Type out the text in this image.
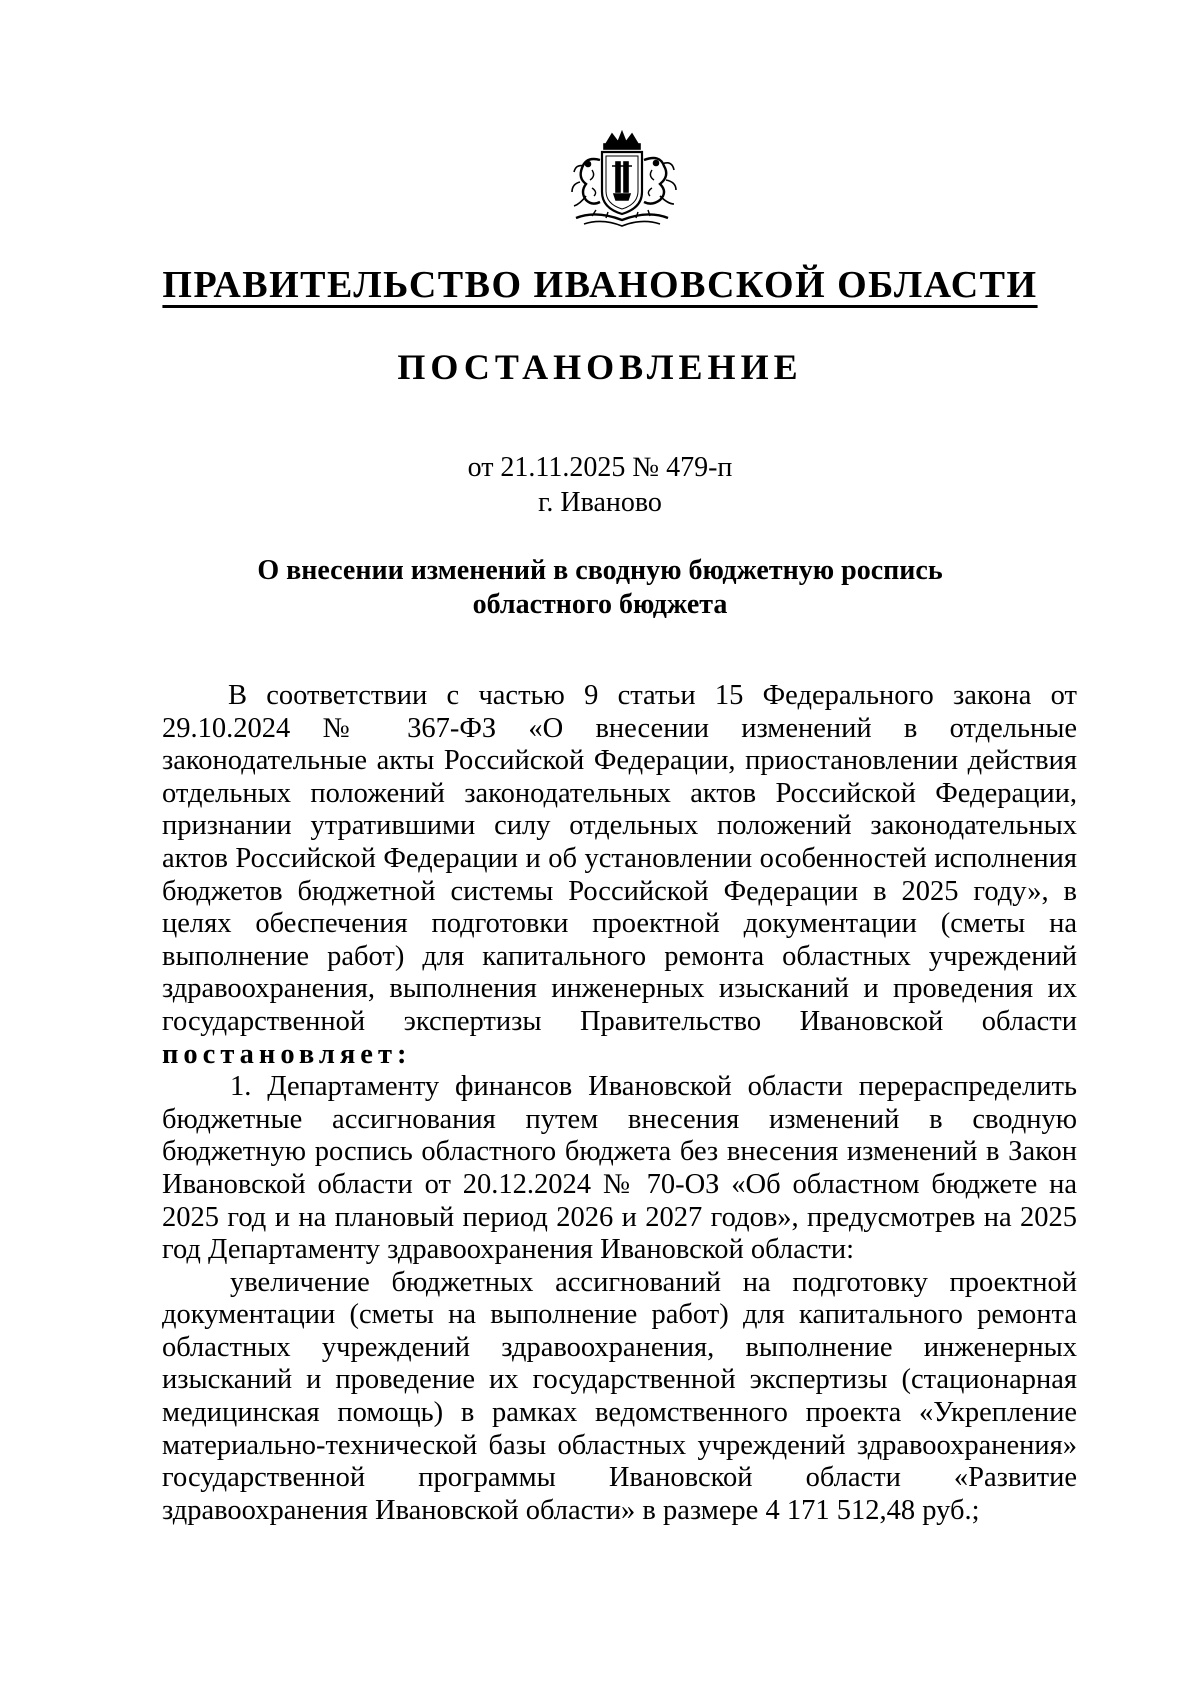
ПРАВИТЕЛЬСТВО ИВАНОВСКОЙ ОБЛАСТИ
ПОСТАНОВЛЕНИЕ
от 21.11.2025 № 479-п
г. Иваново
О внесении изменений в сводную бюджетную роспись
областного бюджета

В соответствии с частью 9 статьи 15 Федерального закона от 29.10.2024 № 367-ФЗ «О внесении изменений в отдельные законодательные акты Российской Федерации, приостановлении действия отдельных положений законодательных актов Российской Федерации, признании утратившими силу отдельных положений законодательных актов Российской Федерации и об установлении особенностей исполнения бюджетов бюджетной системы Российской Федерации в 2025 году», в целях обеспечения подготовки проектной документации (сметы на выполнение работ) для капитального ремонта областных учреждений здравоохранения, выполнения инженерных изысканий и проведения их государственной экспертизы Правительство Ивановской области постановляет:

1. Департаменту финансов Ивановской области перераспределить бюджетные ассигнования путем внесения изменений в сводную бюджетную роспись областного бюджета без внесения изменений в Закон Ивановской области от 20.12.2024 № 70-ОЗ «Об областном бюджете на 2025 год и на плановый период 2026 и 2027 годов», предусмотрев на 2025 год Департаменту здравоохранения Ивановской области:

увеличение бюджетных ассигнований на подготовку проектной документации (сметы на выполнение работ) для капитального ремонта областных учреждений здравоохранения, выполнение инженерных изысканий и проведение их государственной экспертизы (стационарная медицинская помощь) в рамках ведомственного проекта «Укрепление материально-технической базы областных учреждений здравоохранения» государственной программы Ивановской области «Развитие здравоохранения Ивановской области» в размере 4 171 512,48 руб.;
